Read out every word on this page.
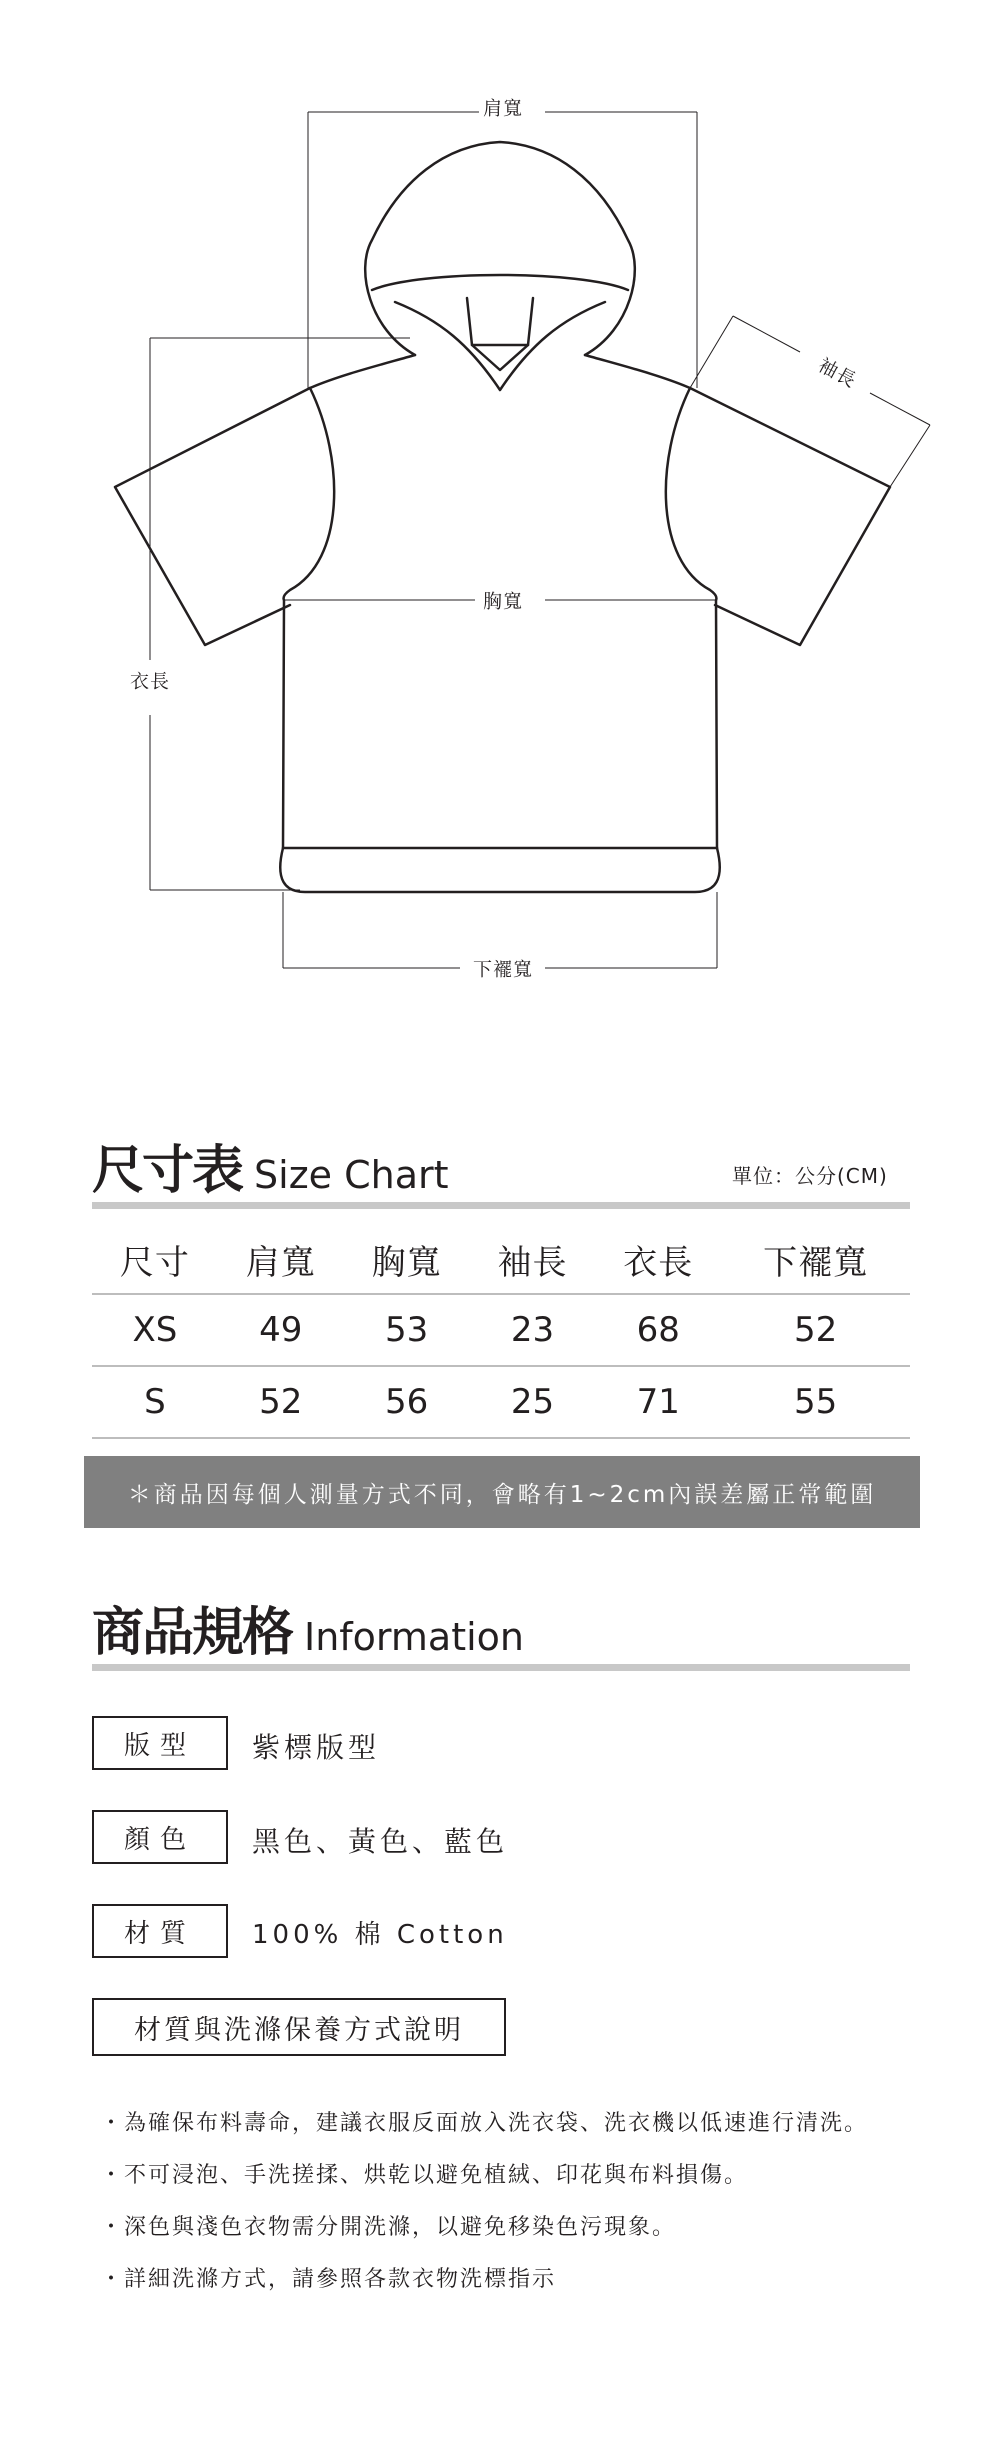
肩寬
袖長
胸寬
衣長
下襬寬
尺寸表 Size Chart	單位：公分(CM)
尺寸	肩寬	胸寬	袖長	衣長	下襬寬
XS	49	53	23	68	52
S	52	56	25	71	55
＊商品因每個人測量方式不同，會略有1~2cm內誤差屬正常範圍
商品規格 Information
版型	紫標版型
顏色	黑色、黃色、藍色
材質	100% 棉 Cotton
材質與洗滌保養方式說明
・為確保布料壽命，建議衣服反面放入洗衣袋、洗衣機以低速進行清洗。
・不可浸泡、手洗搓揉、烘乾以避免植絨、印花與布料損傷。
・深色與淺色衣物需分開洗滌，以避免移染色污現象。
・詳細洗滌方式，請參照各款衣物洗標指示
